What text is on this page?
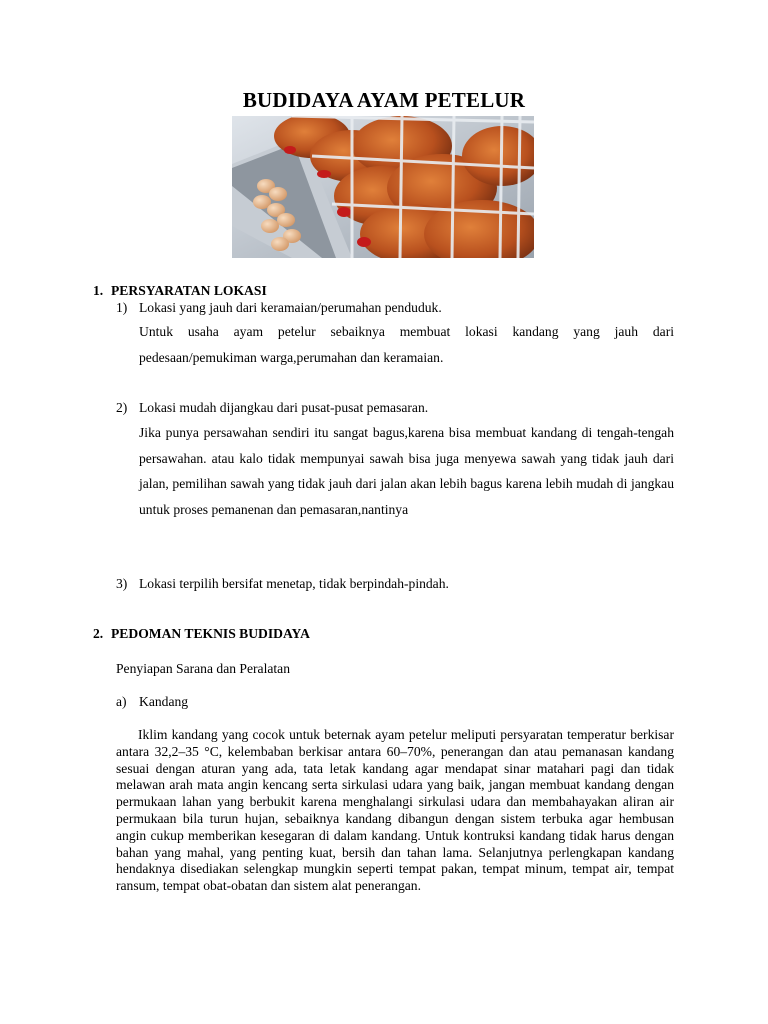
BUDIDAYA AYAM PETELUR
1. PERSYARATAN LOKASI
1) Lokasi yang jauh dari keramaian/perumahan penduduk.
Untuk usaha ayam petelur sebaiknya membuat lokasi kandang yang jauh dari pedesaan/pemukiman warga,perumahan dan keramaian.
2) Lokasi mudah dijangkau dari pusat-pusat pemasaran.
Jika punya persawahan sendiri itu sangat bagus,karena bisa membuat kandang di tengah-tengah persawahan. atau kalo tidak mempunyai sawah bisa juga menyewa sawah yang tidak jauh dari jalan, pemilihan sawah yang tidak jauh dari jalan akan lebih bagus karena lebih mudah di jangkau untuk proses pemanenan dan pemasaran,nantinya
3) Lokasi terpilih bersifat menetap, tidak berpindah-pindah.
2. PEDOMAN TEKNIS BUDIDAYA
Penyiapan Sarana dan Peralatan
a) Kandang
Iklim kandang yang cocok untuk beternak ayam petelur meliputi persyaratan temperatur berkisar antara 32,2–35 °C, kelembaban berkisar antara 60–70%, penerangan dan atau pemanasan kandang sesuai dengan aturan yang ada, tata letak kandang agar mendapat sinar matahari pagi dan tidak melawan arah mata angin kencang serta sirkulasi udara yang baik, jangan membuat kandang dengan permukaan lahan yang berbukit karena menghalangi sirkulasi udara dan membahayakan aliran air permukaan bila turun hujan, sebaiknya kandang dibangun dengan sistem terbuka agar hembusan angin cukup memberikan kesegaran di dalam kandang. Untuk kontruksi kandang tidak harus dengan bahan yang mahal, yang penting kuat, bersih dan tahan lama. Selanjutnya perlengkapan kandang hendaknya disediakan selengkap mungkin seperti tempat pakan, tempat minum, tempat air, tempat ransum, tempat obat-obatan dan sistem alat penerangan.
